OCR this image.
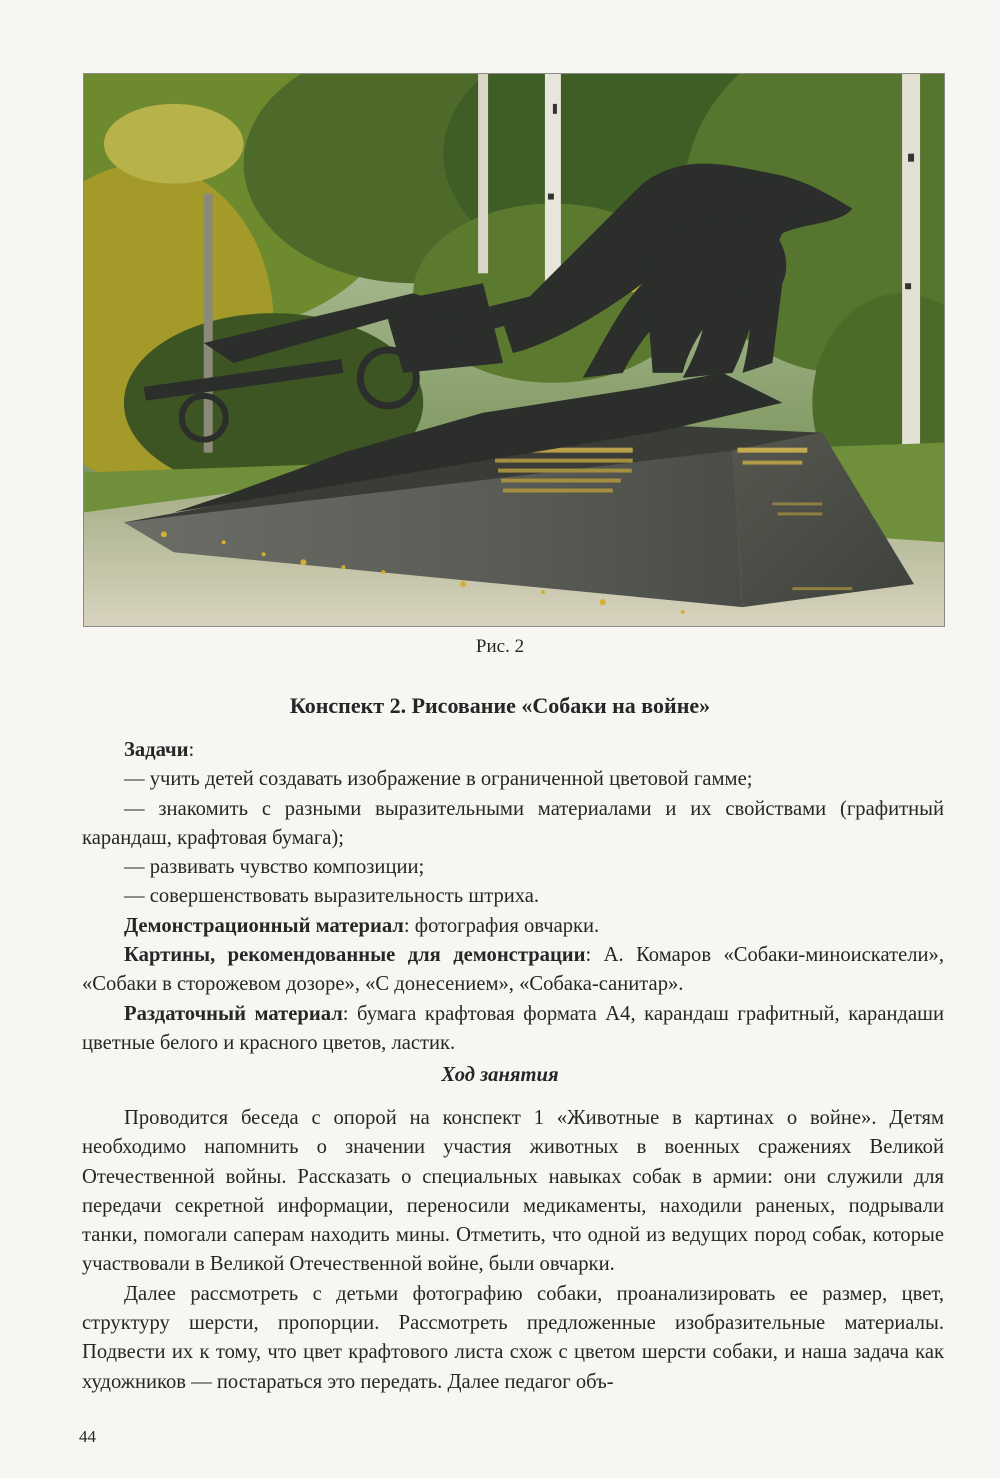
Рис. 2
Конспект 2. Рисование «Собаки на войне»

Задачи:

— учить детей создавать изображение в ограниченной цветовой гамме;

— знакомить с разными выразительными материалами и их свойствами (графитный карандаш, крафтовая бумага);

— развивать чувство композиции;

— совершенствовать выразительность штриха.

Демонстрационный материал: фотография овчарки.

Картины, рекомендованные для демонстрации: А. Комаров «Собаки-миноискатели», «Собаки в сторожевом дозоре», «С донесением», «Собака-санитар».

Раздаточный материал: бумага крафтовая формата А4, карандаш графитный, карандаши цветные белого и красного цветов, ластик.

Ход занятия

Проводится беседа с опорой на конспект 1 «Животные в картинах о войне». Детям необходимо напомнить о значении участия животных в военных сражениях Великой Отечественной войны. Рассказать о специальных навыках собак в армии: они служили для передачи секретной информации, переносили медикаменты, находили раненых, подрывали танки, помогали саперам находить мины. Отметить, что одной из ведущих пород собак, которые участвовали в Великой Отечественной войне, были овчарки.

Далее рассмотреть с детьми фотографию собаки, проанализировать ее размер, цвет, структуру шерсти, пропорции. Рассмотреть предложенные изобразительные материалы. Подвести их к тому, что цвет крафтового листа схож с цветом шерсти собаки, и наша задача как художников — постараться это передать. Далее педагог объ-

44
